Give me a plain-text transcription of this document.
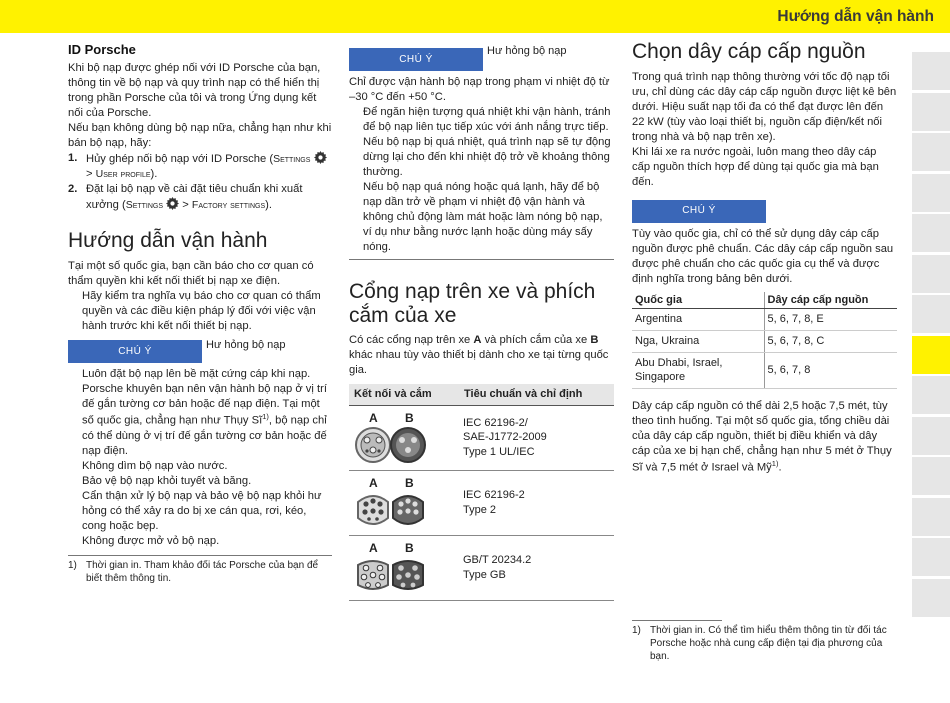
Hướng dẫn vận hành
ID Porsche

Khi bộ nạp được ghép nối với ID Porsche của bạn, thông tin về bộ nạp và quy trình nạp có thể hiển thị trong phần Porsche của tôi và trong Ứng dụng kết nối của Porsche.

Nếu bạn không dùng bộ nạp nữa, chẳng hạn như khi bán bộ nạp, hãy:

1. Hủy ghép nối bộ nạp với ID Porsche (Settings  > User profile).
2. Đặt lại bộ nạp về cài đặt tiêu chuẩn khi xuất xưởng (Settings  > Factory settings).
Hướng dẫn vận hành

Tại một số quốc gia, bạn cần báo cho cơ quan có thẩm quyền khi kết nối thiết bị nạp xe điện.

Hãy kiểm tra nghĩa vụ báo cho cơ quan có thẩm quyền và các điều kiện pháp lý đối với việc vận hành trước khi kết nối thiết bị nạp.

CHÚ Ý
Hư hỏng bộ nạp

Luôn đặt bộ nạp lên bề mặt cứng cáp khi nạp.

Porsche khuyên bạn nên vận hành bộ nạp ở vị trí đế gắn tường cơ bản hoặc đế nạp điện. Tại một số quốc gia, chẳng hạn như Thụy $Sĩ^{1)}$, bộ nạp chỉ có thể dùng ở vị trí đế gắn tường cơ bản hoặc đế nạp điện.

Không dìm bộ nạp vào nước.

Bảo vệ bộ nạp khỏi tuyết và băng.

Cẩn thận xử lý bộ nạp và bảo vệ bộ nạp khỏi hư hỏng có thể xảy ra do bị xe cán qua, rơi, kéo, cong hoặc bẹp.

Không được mở vỏ bộ nạp.

1) Thời gian in. Tham khảo đối tác Porsche của bạn để biết thêm thông tin.
CHÚ Ý
Hư hỏng bộ nạp

Chỉ được vận hành bộ nạp trong phạm vi nhiệt độ từ –30 °C đến +50 °C.

Để ngăn hiện tượng quá nhiệt khi vận hành, tránh để bộ nạp liên tục tiếp xúc với ánh nắng trực tiếp. Nếu bộ nạp bị quá nhiệt, quá trình nạp sẽ tự động dừng lại cho đến khi nhiệt độ trở về khoảng thông thường.

Nếu bộ nạp quá nóng hoặc quá lạnh, hãy để bộ nạp dần trở về phạm vi nhiệt độ vận hành và không chủ động làm mát hoặc làm nóng bộ nạp, ví dụ như bằng nước lạnh hoặc dùng máy sấy nóng.

Cổng nạp trên xe và phích cắm của xe

Có các cổng nạp trên xe A và phích cắm của xe B khác nhau tùy vào thiết bị dành cho xe tại từng quốc gia.

Kết nối và cắm	Tiêu chuẩn và chỉ định

A B	IEC 62196-2/
SAE-J1772-2009
Type 1 UL/IEC

A B	IEC 62196-2
Type 2

A B	GB/T 20234.2
Type GB
Chọn dây cáp cấp nguồn

Trong quá trình nạp thông thường với tốc độ nạp tối ưu, chỉ dùng các dây cáp cấp nguồn được liệt kê bên dưới. Hiệu suất nạp tối đa có thể đạt được lên đến 22 kW (tùy vào loại thiết bị, nguồn cấp điện/kết nối trong nhà và bộ nạp trên xe).

Khi lái xe ra nước ngoài, luôn mang theo dây cáp cấp nguồn thích hợp để dùng tại quốc gia mà bạn đến.

CHÚ Ý

Tùy vào quốc gia, chỉ có thể sử dụng dây cáp cấp nguồn được phê chuẩn. Các dây cáp cấp nguồn sau được phê chuẩn cho các quốc gia cụ thể và được định nghĩa trong bảng bên dưới.

Quốc gia	Dây cáp cấp nguồn
Argentina	5, 6, 7, 8, E
Nga, Ukraina	5, 6, 7, 8, C
Abu Dhabi, Israel, Singapore	5, 6, 7, 8

Dây cáp cấp nguồn có thể dài 2,5 hoặc 7,5 mét, tùy theo tình huống. Tại một số quốc gia, tổng chiều dài của dây cáp cấp nguồn, thiết bị điều khiển và dây cáp của xe bị hạn chế, chẳng hạn như 5 mét ở Thụy Sĩ và 7,5 mét ở Israel và Mỹ$^{1)}$.

1) Thời gian in. Có thể tìm hiểu thêm thông tin từ đối tác Porsche hoặc nhà cung cấp điện tại địa phương của bạn.
